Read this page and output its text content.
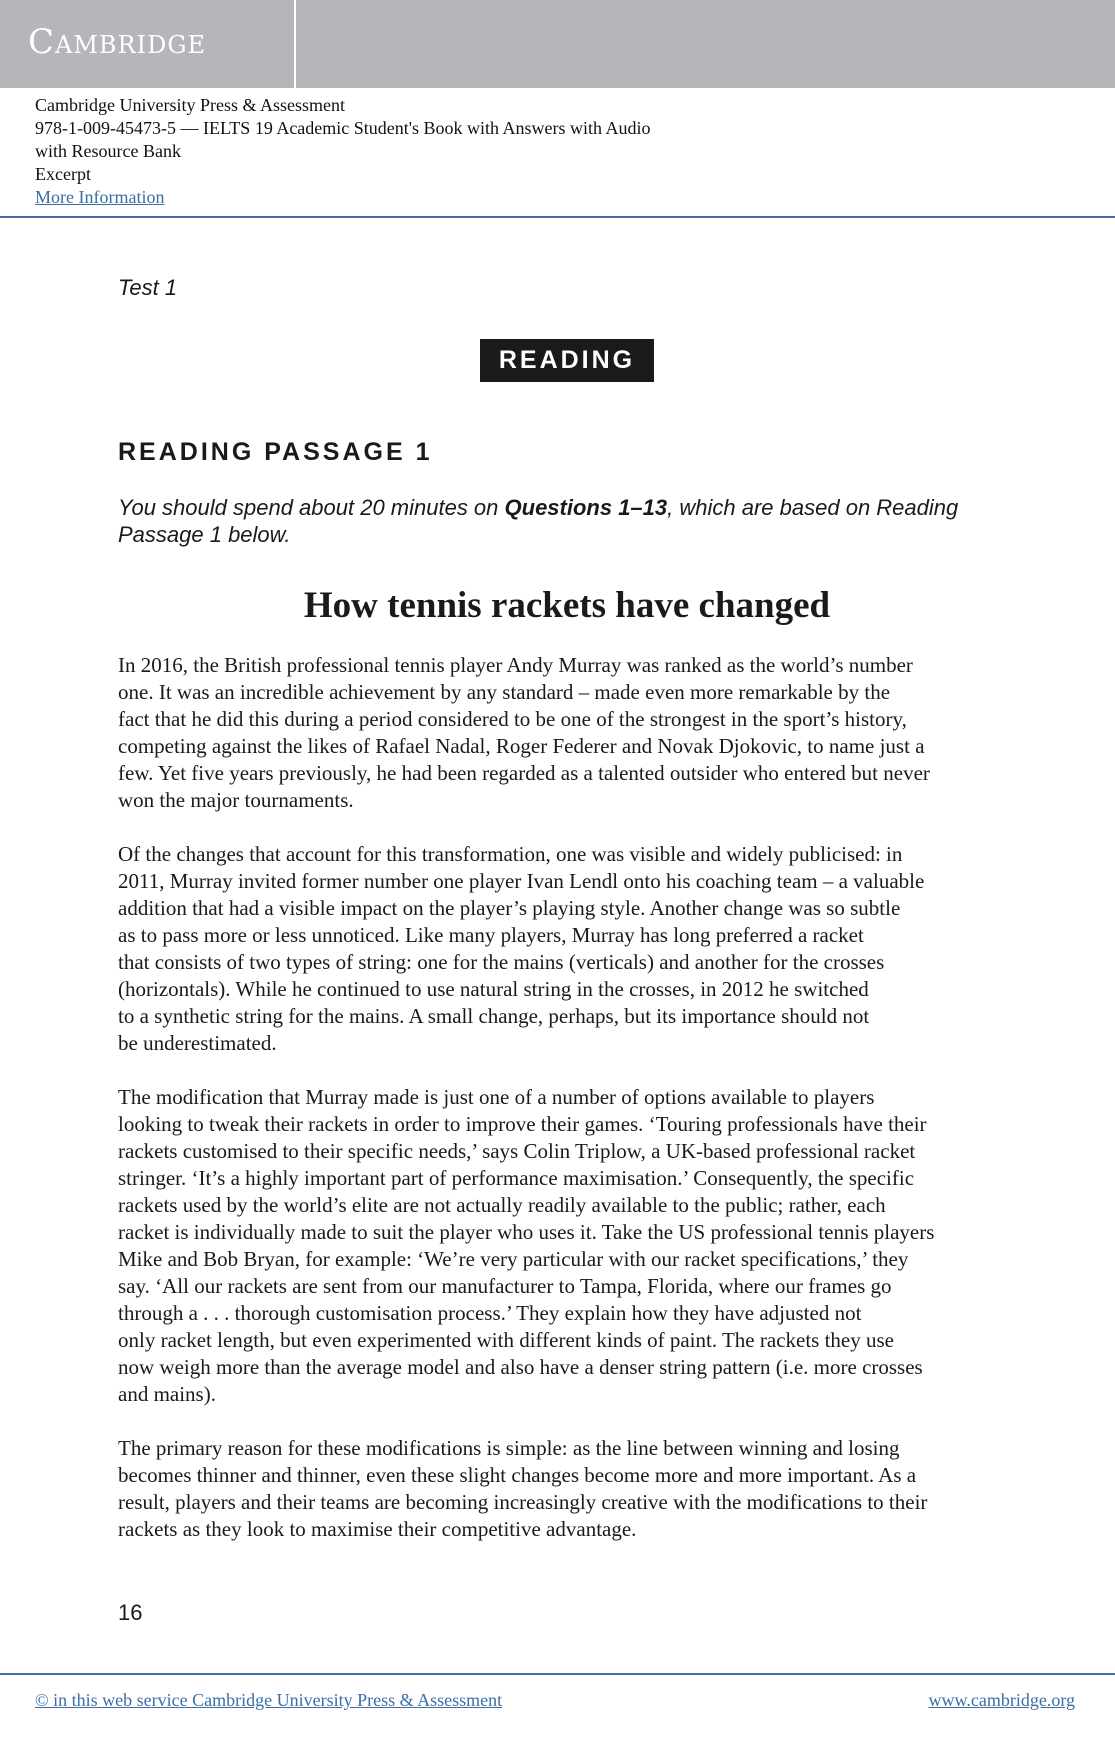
Cambridge
Cambridge University Press & Assessment
978-1-009-45473-5 — IELTS 19 Academic Student's Book with Answers with Audio
with Resource Bank
Excerpt
More Information
Test 1
READING
READING PASSAGE 1
You should spend about 20 minutes on Questions 1–13, which are based on Reading
Passage 1 below.
How tennis rackets have changed
In 2016, the British professional tennis player Andy Murray was ranked as the world’s number
one. It was an incredible achievement by any standard – made even more remarkable by the
fact that he did this during a period considered to be one of the strongest in the sport’s history,
competing against the likes of Rafael Nadal, Roger Federer and Novak Djokovic, to name just a
few. Yet five years previously, he had been regarded as a talented outsider who entered but never
won the major tournaments.
Of the changes that account for this transformation, one was visible and widely publicised: in
2011, Murray invited former number one player Ivan Lendl onto his coaching team – a valuable
addition that had a visible impact on the player’s playing style. Another change was so subtle
as to pass more or less unnoticed. Like many players, Murray has long preferred a racket
that consists of two types of string: one for the mains (verticals) and another for the crosses
(horizontals). While he continued to use natural string in the crosses, in 2012 he switched
to a synthetic string for the mains. A small change, perhaps, but its importance should not
be underestimated.
The modification that Murray made is just one of a number of options available to players
looking to tweak their rackets in order to improve their games. ‘Touring professionals have their
rackets customised to their specific needs,’ says Colin Triplow, a UK-based professional racket
stringer. ‘It’s a highly important part of performance maximisation.’ Consequently, the specific
rackets used by the world’s elite are not actually readily available to the public; rather, each
racket is individually made to suit the player who uses it. Take the US professional tennis players
Mike and Bob Bryan, for example: ‘We’re very particular with our racket specifications,’ they
say. ‘All our rackets are sent from our manufacturer to Tampa, Florida, where our frames go
through a . . . thorough customisation process.’ They explain how they have adjusted not
only racket length, but even experimented with different kinds of paint. The rackets they use
now weigh more than the average model and also have a denser string pattern (i.e. more crosses
and mains).
The primary reason for these modifications is simple: as the line between winning and losing
becomes thinner and thinner, even these slight changes become more and more important. As a
result, players and their teams are becoming increasingly creative with the modifications to their
rackets as they look to maximise their competitive advantage.
16
© in this web service Cambridge University Press & Assessment	www.cambridge.org
